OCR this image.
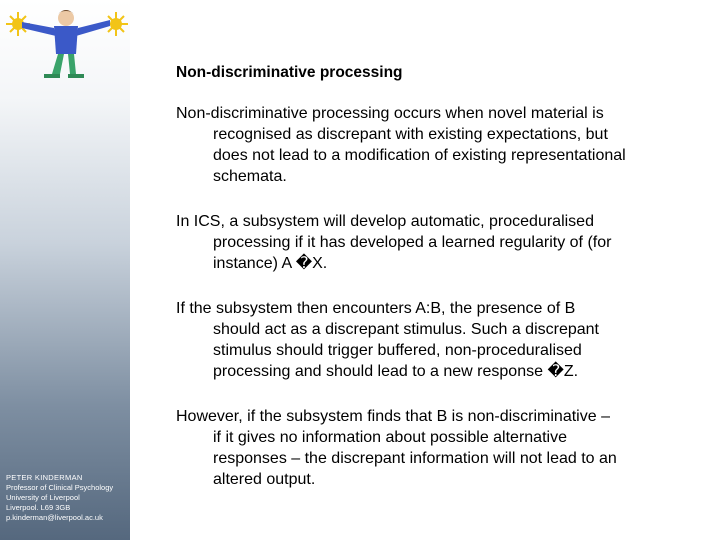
PETER KINDERMAN
Professor of Clinical Psychology
University of Liverpool
Liverpool. L69 3GB
p.kinderman@liverpool.ac.uk
Non-discriminative processing
Non-discriminative processing occurs when novel material is
recognised as discrepant with existing expectations, but
does not lead to a modification of existing representational
schemata.
In ICS, a subsystem will develop automatic, proceduralised
processing if it has developed a learned regularity of (for
instance) A �X.
If the subsystem then encounters A:B, the presence of B
should act as a discrepant stimulus. Such a discrepant
stimulus should trigger buffered, non-proceduralised
processing and should lead to a new response �Z.
However, if the subsystem finds that B is non-discriminative –
if it gives no information about possible alternative
responses – the discrepant information will not lead to an
altered output.
